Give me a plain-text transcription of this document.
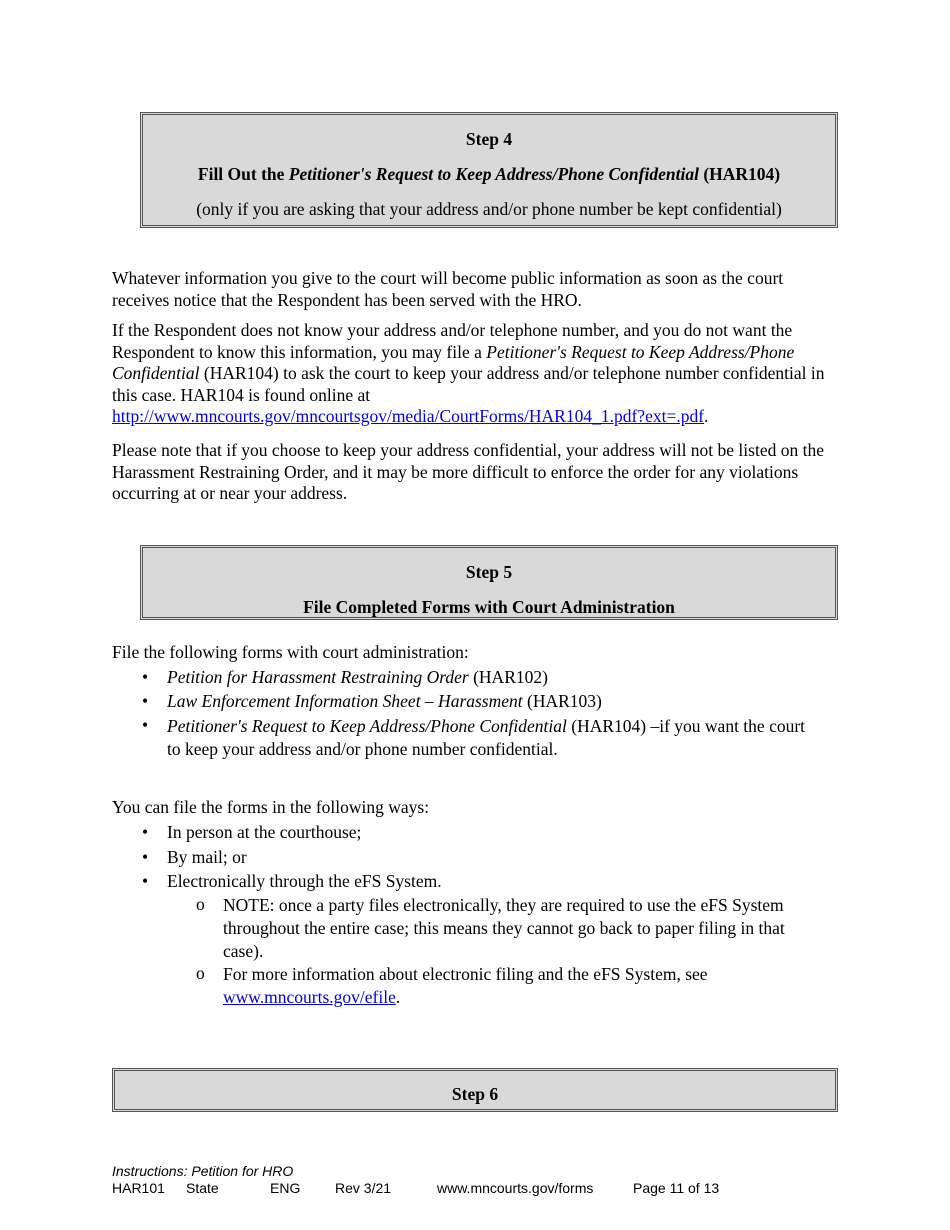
Step 4
Fill Out the Petitioner's Request to Keep Address/Phone Confidential (HAR104)
(only if you are asking that your address and/or phone number be kept confidential)
Whatever information you give to the court will become public information as soon as the court receives notice that the Respondent has been served with the HRO.
If the Respondent does not know your address and/or telephone number, and you do not want the Respondent to know this information, you may file a Petitioner's Request to Keep Address/Phone Confidential (HAR104) to ask the court to keep your address and/or telephone number confidential in this case. HAR104 is found online at http://www.mncourts.gov/mncourtsgov/media/CourtForms/HAR104_1.pdf?ext=.pdf.
Please note that if you choose to keep your address confidential, your address will not be listed on the Harassment Restraining Order, and it may be more difficult to enforce the order for any violations occurring at or near your address.
Step 5
File Completed Forms with Court Administration
File the following forms with court administration:
• Petition for Harassment Restraining Order (HAR102)
• Law Enforcement Information Sheet – Harassment (HAR103)
• Petitioner's Request to Keep Address/Phone Confidential (HAR104) –if you want the court to keep your address and/or phone number confidential.
You can file the forms in the following ways:
• In person at the courthouse;
• By mail; or
• Electronically through the eFS System.
o NOTE: once a party files electronically, they are required to use the eFS System throughout the entire case; this means they cannot go back to paper filing in that case).
o For more information about electronic filing and the eFS System, see www.mncourts.gov/efile.
Step 6
Instructions: Petition for HRO
HAR101 State	ENG Rev 3/21	www.mncourts.gov/forms	Page 11 of 13
